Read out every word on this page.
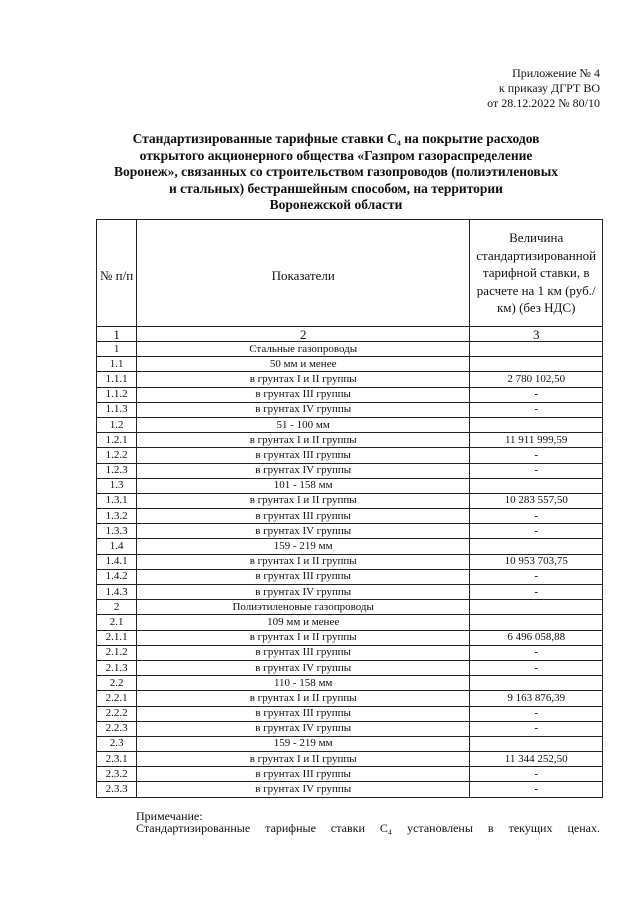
Приложение № 4
к приказу ДГРТ ВО
от 28.12.2022 № 80/10
Стандартизированные тарифные ставки С₄ на покрытие расходов
открытого акционерного общества «Газпром газораспределение
Воронеж», связанных со строительством газопроводов (полиэтиленовых
и стальных) бестраншейным способом, на территории
Воронежской области
№ п/п	Показатели	Величина стандартизированной тарифной ставки, в расчете на 1 км (руб./км) (без НДС)
1	2	3
1	Стальные газопроводы	
1.1	50 мм и менее	
1.1.1	в грунтах I и II группы	2 780 102,50
1.1.2	в грунтах III группы	-
1.1.3	в грунтах IV группы	-
1.2	51 - 100 мм	
1.2.1	в грунтах I и II группы	11 911 999,59
1.2.2	в грунтах III группы	-
1.2.3	в грунтах IV группы	-
1.3	101 - 158 мм	
1.3.1	в грунтах I и II группы	10 283 557,50
1.3.2	в грунтах III группы	-
1.3.3	в грунтах IV группы	-
1.4	159 - 219 мм	
1.4.1	в грунтах I и II группы	10 953 703,75
1.4.2	в грунтах III группы	-
1.4.3	в грунтах IV группы	-
2	Полиэтиленовые газопроводы	
2.1	109 мм и менее	
2.1.1	в грунтах I и II группы	6 496 058,88
2.1.2	в грунтах III группы	-
2.1.3	в грунтах IV группы	-
2.2	110 - 158 мм	
2.2.1	в грунтах I и II группы	9 163 876,39
2.2.2	в грунтах III группы	-
2.2.3	в грунтах IV группы	-
2.3	159 - 219 мм	
2.3.1	в грунтах I и II группы	11 344 252,50
2.3.2	в грунтах III группы	-
2.3.3	в грунтах IV группы	-
Примечание:
Стандартизированные тарифные ставки С₄ установлены в текущих ценах.
